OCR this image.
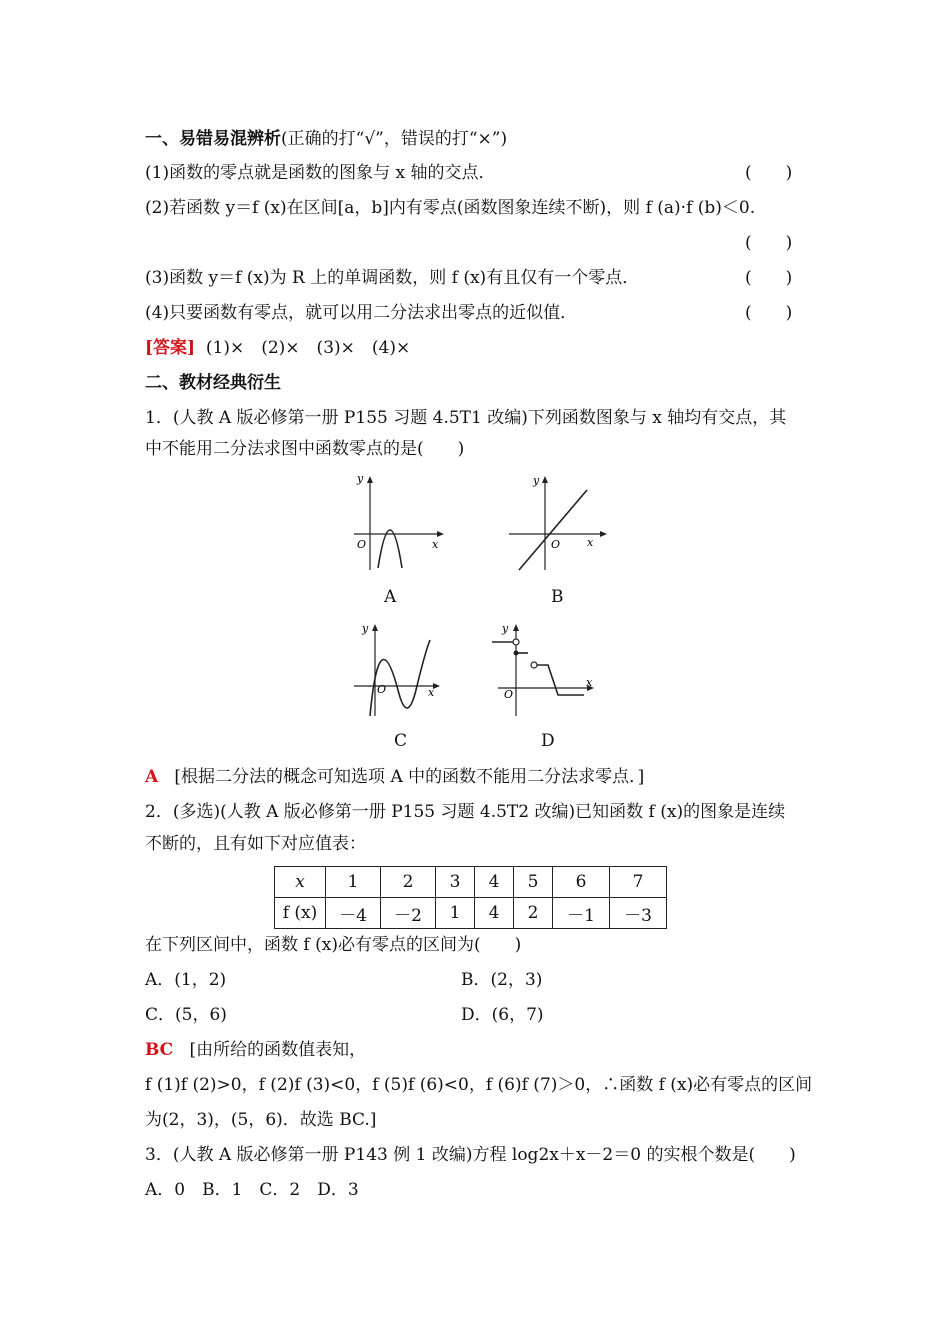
一、易错易混辨析(正确的打“√”，错误的打“×”)
(1)函数的零点就是函数的图象与 x 轴的交点．	(　　)
(2)若函数 y＝f (x)在区间[a，b]内有零点(函数图象连续不断)，则 f (a)·f (b)＜0.
(　　)
(3)函数 y＝f (x)为 R 上的单调函数，则 f (x)有且仅有一个零点．	(　　)
(4)只要函数有零点，就可以用二分法求出零点的近似值．	(　　)
[答案] (1)×　(2)×　(3)×　(4)×
二、教材经典衍生
1．(人教 A 版必修第一册 P155 习题 4.5T1 改编)下列函数图象与 x 轴均有交点，其
中不能用二分法求图中函数零点的是(　　)
y
x
O
A
y
x
O
B
y
x
O
C
y
x
O
D
A [根据二分法的概念可知选项 A 中的函数不能用二分法求零点．]
2．(多选)(人教 A 版必修第一册 P155 习题 4.5T2 改编)已知函数 f (x)的图象是连续
不断的，且有如下对应值表：
x	1	2	3	4	5	6	7
f (x)	－4	－2	1	4	2	－1	－3
在下列区间中，函数 f (x)必有零点的区间为(　　)
A．(1，2)	B．(2，3)
C．(5，6)	D．(6，7)
BC [由所给的函数值表知，
f (1)f (2)>0，f (2)f (3)<0，f (5)f (6)<0，f (6)f (7)＞0，∴函数 f (x)必有零点的区间
为(2，3)，(5，6)．故选 BC.]
3．(人教 A 版必修第一册 P143 例 1 改编)方程 log2x＋x－2＝0 的实根个数是(　　)
A．0　B．1　C．2　D．3
